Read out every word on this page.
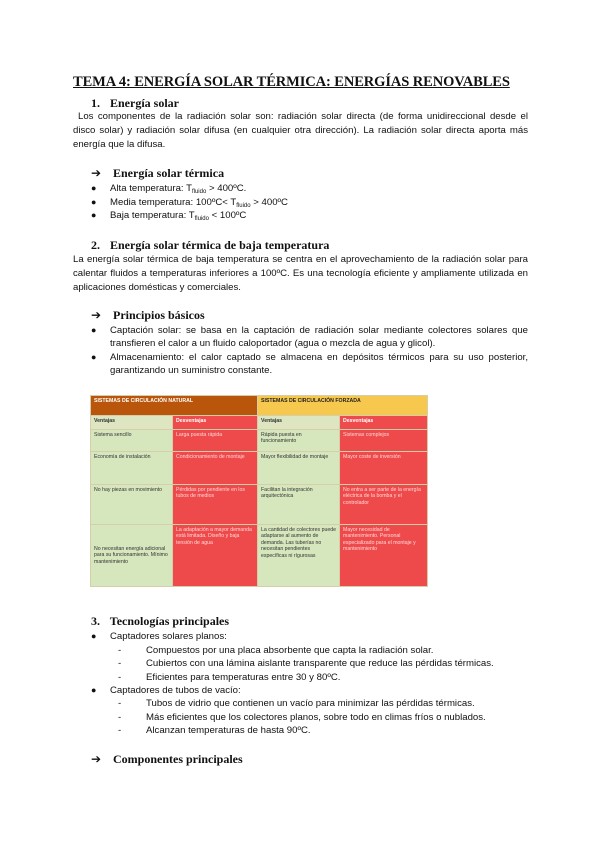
TEMA 4: ENERGÍA SOLAR TÉRMICA: ENERGÍAS RENOVABLES
1. Energía solar
Los componentes de la radiación solar son: radiación solar directa (de forma unidireccional desde el disco solar) y radiación solar difusa (en cualquier otra dirección). La radiación solar directa aporta más energía que la difusa.
➔ Energía solar térmica
● Alta temperatura: $T_{fluido}$ > 400ºC.
● Media temperatura: 100ºC< $T_{fluido}$ > 400ºC
● Baja temperatura: $T_{fluido}$ < 100ºC
2. Energía solar térmica de baja temperatura
La energía solar térmica de baja temperatura se centra en el aprovechamiento de la radiación solar para calentar fluidos a temperaturas inferiores a 100ºC. Es una tecnología eficiente y ampliamente utilizada en aplicaciones domésticas y comerciales.
➔ Principios básicos
● Captación solar: se basa en la captación de radiación solar mediante colectores solares que transfieren el calor a un fluido caloportador (agua o mezcla de agua y glicol).
● Almacenamiento: el calor captado se almacena en depósitos térmicos para su uso posterior, garantizando un suministro constante.
SISTEMAS DE CIRCULACIÓN NATURAL		SISTEMAS DE CIRCULACIÓN FORZADA	
Ventajas	Desventajas	Ventajas	Desventajas
Sistema sencillo	Larga puesta rápida	Rápida puesta en funcionamiento	Sistemas complejos
Economía de instalación	Condicionamiento de montaje	Mayor flexibilidad de montaje	Mayor coste de inversión
No hay piezas en movimiento	Pérdidas por pendiente en los tubos de medios	Facilitan la integración arquitectónica	No entra a ser parte de la energía eléctrica de la bomba y el controlador
No necesitan energía adicional para su funcionamiento. Mínimo mantenimiento	La adaptación a mayor demanda está limitada. Diseño y baja tensión de agua	La cantidad de colectores puede adaptarse al aumento de demanda. Las tuberías no necesitan pendientes específicas ni rígurosas	Mayor necesidad de mantenimiento. Personal especializado para el montaje y mantenimiento
3. Tecnologías principales
● Captadores solares planos:
-	Compuestos por una placa absorbente que capta la radiación solar.
-	Cubiertos con una lámina aislante transparente que reduce las pérdidas térmicas.
-	Eficientes para temperaturas entre 30 y 80ºC.
● Captadores de tubos de vacío:
-	Tubos de vidrio que contienen un vacío para minimizar las pérdidas térmicas.
-	Más eficientes que los colectores planos, sobre todo en climas fríos o nublados.
-	Alcanzan temperaturas de hasta 90ºC.
➔ Componentes principales
